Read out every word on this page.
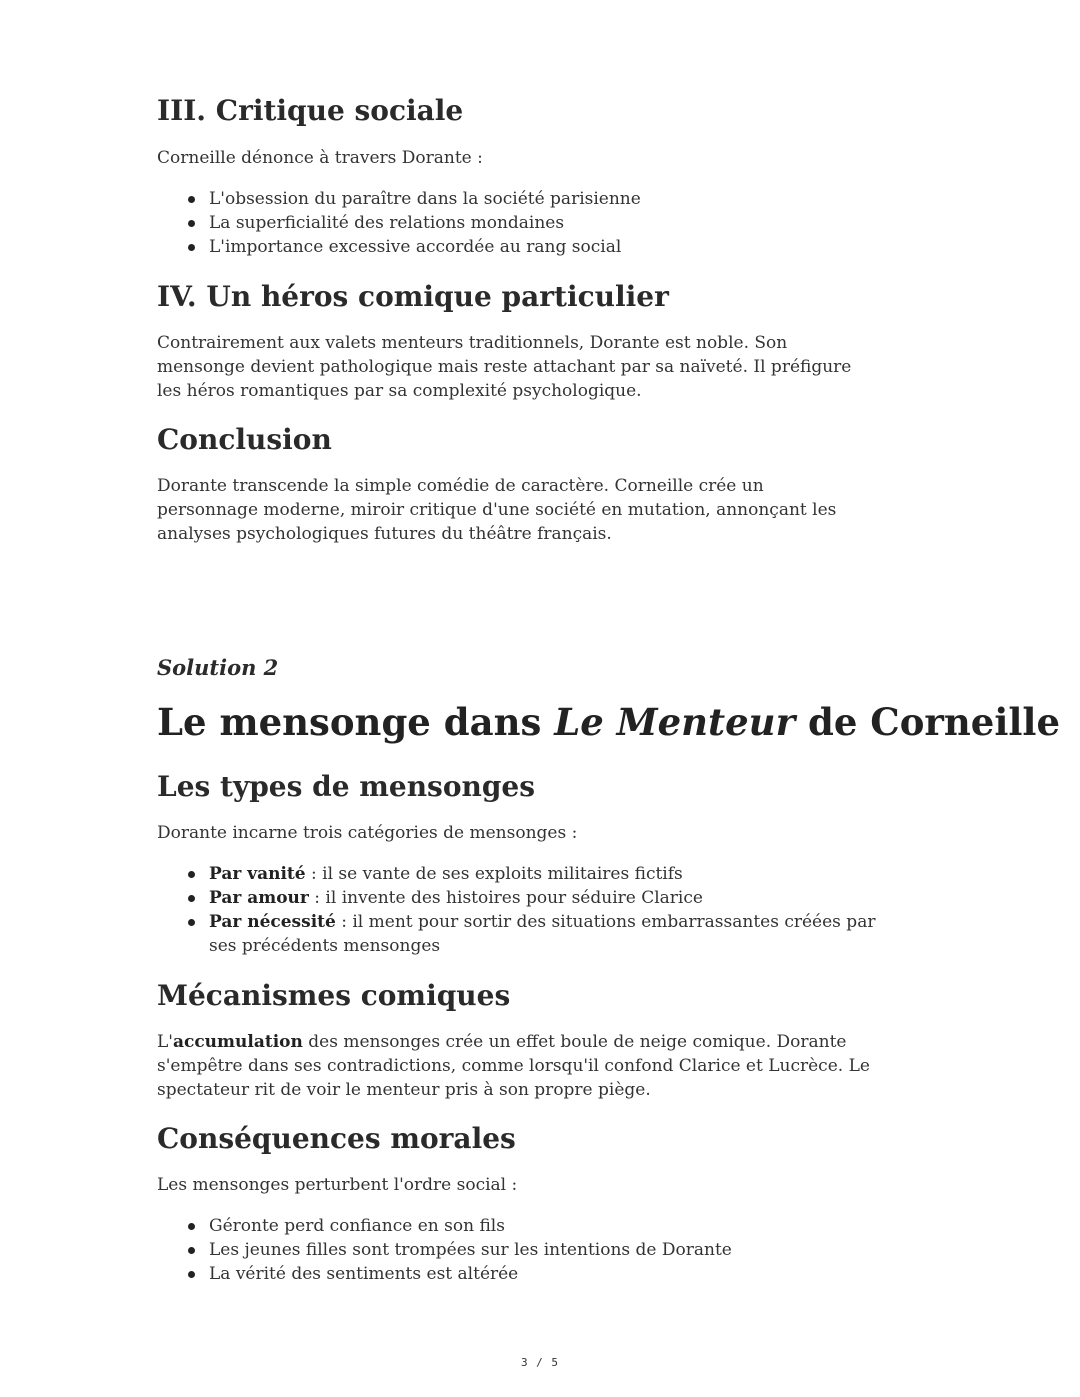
III. Critique sociale

Corneille dénonce à travers Dorante :

L'obsession du paraître dans la société parisienne
La superficialité des relations mondaines
L'importance excessive accordée au rang social
IV. Un héros comique particulier

Contrairement aux valets menteurs traditionnels, Dorante est noble. Son mensonge devient pathologique mais reste attachant par sa naïveté. Il préfigure les héros romantiques par sa complexité psychologique.

Conclusion

Dorante transcende la simple comédie de caractère. Corneille crée un personnage moderne, miroir critique d'une société en mutation, annonçant les analyses psychologiques futures du théâtre français.

Solution 2

Le mensonge dans Le Menteur de Corneille
Les types de mensonges

Dorante incarne trois catégories de mensonges :

Par vanité : il se vante de ses exploits militaires fictifs
Par amour : il invente des histoires pour séduire Clarice
Par nécessité : il ment pour sortir des situations embarrassantes créées par ses précédents mensonges
Mécanismes comiques

L'accumulation des mensonges crée un effet boule de neige comique. Dorante s'empêtre dans ses contradictions, comme lorsqu'il confond Clarice et Lucrèce. Le spectateur rit de voir le menteur pris à son propre piège.

Conséquences morales

Les mensonges perturbent l'ordre social :

Géronte perd confiance en son fils
Les jeunes filles sont trompées sur les intentions de Dorante
La vérité des sentiments est altérée
3 / 5
